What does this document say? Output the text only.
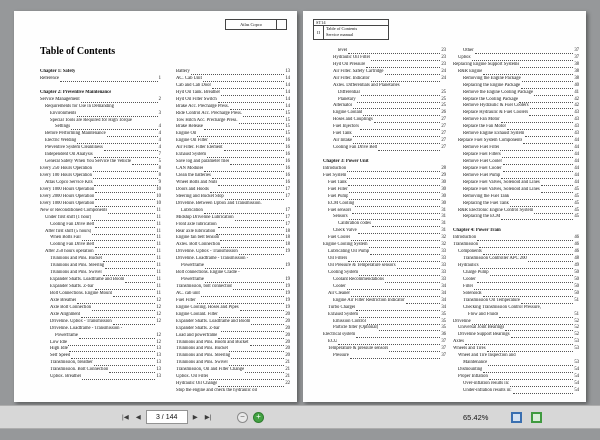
Atlas Copco
Table of Contents
Chapter 1: Safety
Reference	1
Chapter 2: Preventive Maintenance
Service Management	2
Requirements for Use in Demanding
Environments	3
Special Tools are Required for High Torque
Settings	4
Before Performing Maintenance	4
Electric Welding	4
Preventive System Cleanliness	4
Independent Oil Analysis	7
General Safety When You Service the Vehicle	5
Every 250 Hours Operation	8
Every 100 Hours Operation	8
Atlas Copco Service Kits	9
Every 1000 Hours Operation	10
Every 2000 Hours Operation	10
Every 1000 Hours Operation	10
New or Reconditioned Components	11
Under first shift (1 hour)	11
Cooling Fan Drive Belt	11
After first shift (5 hours)	11
When Bolts Fail	11
Cooling Fan Drive Belt	11
After 250 hours operation	11
Trunnions and Pins. Bucket	11
Trunnions and Pins. Steering	11
Trunnions and Pins. Swivel	11
Expander Shafts. Loadframe and Boom	11
Expander Shafts. Z-bar	11
Bolt Connections. Engine Mount	11
Axle Breather	12
Axle Bolt Connection	12
Axle Alignment	12
Driveline. Upbox - Transmission	12
Driveline. Loadframe - Transmission -
Powerframe	12
Low Idle	12
High Idle	13
Self Speed	13
Transmission, breather	13
Transmission. Bolt Connection	13
Upbox. Breather	13
Battery	13
AC. Cab Unit	14
Cab and Cab Door	14
Hyd Oil Tank. Breather	14
Hyd Oil Filter Switch	14
Brake Acc. Precharge Press.	14
Ride Control Acc. Precharge Press.	15
Tow Hitch Acc. Precharge Press.	15
Brake Release	15
Engine Oil	15
Engine Oil Filter	16
Air Filter. Filter Element	16
Exhaust System	16
Save log and parameter files	16
CAN Modules	16
Clean the batteries	16
Wheel Bolts and Nuts	16
Doors and Hoods	17
Steering and Bucket Stop	17
Driveline. Between Upbox and Transmission.
Lubrication	17
Midship Driveline Lubrication	17
Front axle lubrication	17
Rear axle lubrication	18
Engine fan belt tension	18
Axles. Bolt Connection	18
Driveline. Upbox - Transmission	19
Driveline. Loadframe - Transmission -
Powerframe	19
Bolt connections. Engine Cradle -
Powerframe	19
Transmission, bolt connection	19
AC. cab unit	19
Fuel Filter	19
Engine Cooling. Hoses and Pipes	19
Engine Coolant. Filter	20
Expander Shafts. Loadframe and Boom	20
Expander Shafts. Z-bar	20
Load and powerframe	20
Trunnions and Pins. Boom and Bucket	20
Trunnions and Pins. Bucket	20
Trunnions and Pins. Steering	20
Trunnions and Pins. Swivel	21
Transmission, Oil and Filter Change	21
Upbox. Oil Filter	21
Hydraulic Oil Change	22
Stop the engine and check the hydraulic oil
ST14
II
Table of Contents
Service manual
level	23
Hydraulic Oil Filter	23
Hyd Oil Pressure	23
Air Filter. Safety Cartridge	24
Air Filter. Indicator	24
Axles. Differentials and Planetaries
Differential	25
Planetary	25
Alternator	25
Engine Coolant	26
Hoses and Couplings	27
Fuel Injectors	27
Fuel Tank	27
Air Intake	27
Cooling Fan Drive Belt	27
Chapter 3: Power Unit
Introduction	28
Fuel System	29
Fuel Tank	30
Fuel Filler	30
Fuel Pump	30
ECM Cooling	30
Fuel sensors	31
Sensors	31
Calibration codes	31
Check Valve	31
Fuel Cooler	32
Engine Cooling System	32
Lubricating Oil Pump	33
Oil Filters	33
Oil Pressure & Temperature sensors	33
Cooling System	33
Coolant Recommendations	33
Cooler	34
Air Cleaner	34
Engine Air Filter Restriction Indicator	34
Turbo Charger	34
Exhaust System	35
Emission Control	35
Particle filter (Optional)	35
Electrical system	36
ECU	37
Temperature & pressure sensors	37
Pressure	37
Other	37
Upbox	37
Replacing Engine Support Systems	38
R&R Engine	38
Removing the Engine Package	38
Replacing the Engine Package	40
Remove the Engine Cooling Package	41
Replace the Cooling Package	42
Remove Hydraulic & Fuel Coolers	42
Replace Hydraulic & Fuel Coolers	43
Remove Fan Motor	43
Replace the Fan Motor	43
Remove Engine Exhaust System	43
Replace Fuel System Components	44
Remove Fuel Filter	44
Replace Fuel Filters	44
Remove Fuel Cooler	44
Replace Fuel Cooler	44
Remove Fuel Pump	44
Replace Fuel Valves, Solenoid and Lines	44
Replace Fuel Valves, Solenoid and Lines	45
Removing the Fuel Tank	45
Replacing the Fuel Tank	45
R&R Electronic Engine Control System	45
Replacing the ECM	45
Chapter 4: Power Train
Introduction	46
Transmission	46
Components	46
Transmission Controller APC 200	48
Hydraulics	49
Charge Pump	50
Cooler	50
Filter	50
Solenoids	50
Transmission Oil Temperature	51
Checking Transmission Control Pressure,
Flow and Fluids	51
Driveline	52
Universal Joint Bearings	52
Driveline Support Bearings	52
Axles	53
Wheels and Tires	53
Wheel and Tire Inspection and
Maintenance	53
Dismounting	54
Proper Inflation	54
Over-inflation results in:	54
Under-inflation results in:	54
|◀	◀
3 / 144	▶	▶|	−	+	65.42%
